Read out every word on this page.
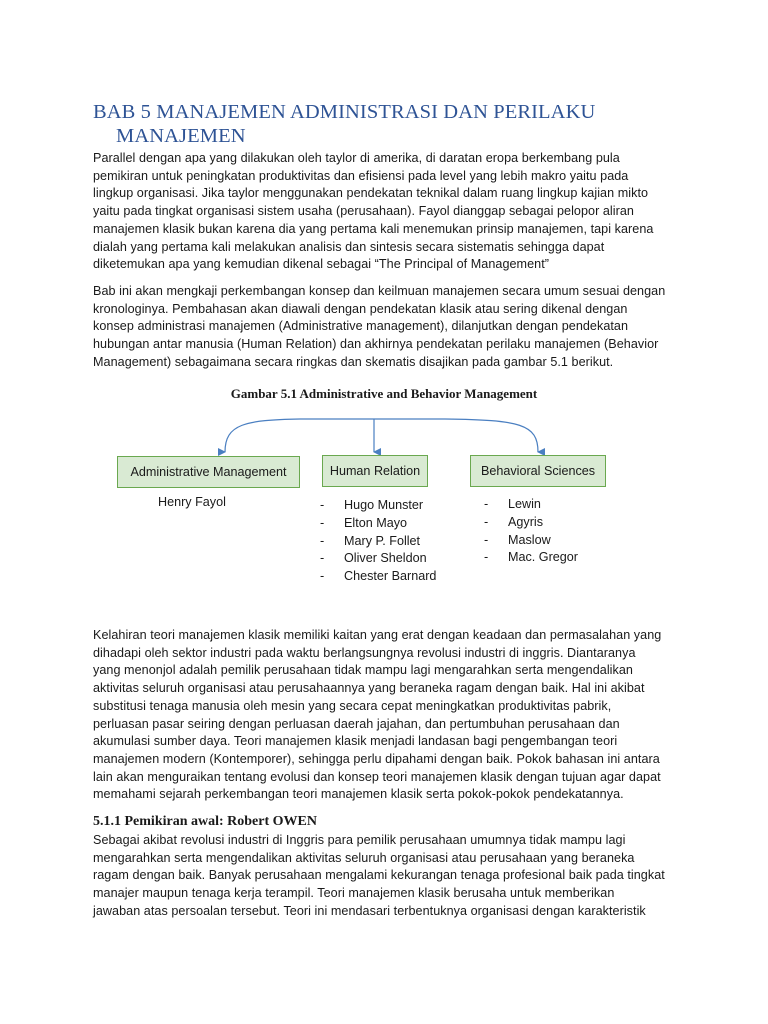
BAB 5 MANAJEMEN ADMINISTRASI DAN PERILAKU
MANAJEMEN

Parallel dengan apa yang dilakukan oleh taylor di amerika, di daratan eropa berkembang pula
pemikiran untuk peningkatan produktivitas dan efisiensi pada level yang lebih makro yaitu pada
lingkup organisasi. Jika taylor menggunakan pendekatan teknikal dalam ruang lingkup kajian mikto
yaitu pada tingkat organisasi sistem usaha (perusahaan). Fayol dianggap sebagai pelopor aliran
manajemen klasik bukan karena dia yang pertama kali menemukan prinsip manajemen, tapi karena
dialah yang pertama kali melakukan analisis dan sintesis secara sistematis sehingga dapat
diketemukan apa yang kemudian dikenal sebagai “The Principal of Management”

Bab ini akan mengkaji perkembangan konsep dan keilmuan manajemen secara umum sesuai dengan
kronologinya. Pembahasan akan diawali dengan pendekatan klasik atau sering dikenal dengan
konsep administrasi manajemen (Administrative management), dilanjutkan dengan pendekatan
hubungan antar manusia (Human Relation) dan akhirnya pendekatan perilaku manajemen (Behavior
Management) sebagaimana secara ringkas dan skematis disajikan pada gambar 5.1 berikut.

Gambar 5.1 Administrative and Behavior Management

Administrative Management	Human Relation	Behavioral Sciences
Henry Fayol	- Hugo Munster
- Elton Mayo
- Mary P. Follet
- Oliver Sheldon
- Chester Barnard
- Lewin
- Agyris
- Maslow
- Mac. Gregor

Kelahiran teori manajemen klasik memiliki kaitan yang erat dengan keadaan dan permasalahan yang
dihadapi oleh sektor industri pada waktu berlangsungnya revolusi industri di inggris. Diantaranya
yang menonjol adalah pemilik perusahaan tidak mampu lagi mengarahkan serta mengendalikan
aktivitas seluruh organisasi atau perusahaannya yang beraneka ragam dengan baik. Hal ini akibat
substitusi tenaga manusia oleh mesin yang secara cepat meningkatkan produktivitas pabrik,
perluasan pasar seiring dengan perluasan daerah jajahan, dan pertumbuhan perusahaan dan
akumulasi sumber daya. Teori manajemen klasik menjadi landasan bagi pengembangan teori
manajemen modern (Kontemporer), sehingga perlu dipahami dengan baik. Pokok bahasan ini antara
lain akan menguraikan tentang evolusi dan konsep teori manajemen klasik dengan tujuan agar dapat
memahami sejarah perkembangan teori manajemen klasik serta pokok-pokok pendekatannya.

5.1.1 Pemikiran awal: Robert OWEN

Sebagai akibat revolusi industri di Inggris para pemilik perusahaan umumnya tidak mampu lagi
mengarahkan serta mengendalikan aktivitas seluruh organisasi atau perusahaan yang beraneka
ragam dengan baik. Banyak perusahaan mengalami kekurangan tenaga profesional baik pada tingkat
manajer maupun tenaga kerja terampil. Teori manajemen klasik berusaha untuk memberikan
jawaban atas persoalan tersebut. Teori ini mendasari terbentuknya organisasi dengan karakteristik
